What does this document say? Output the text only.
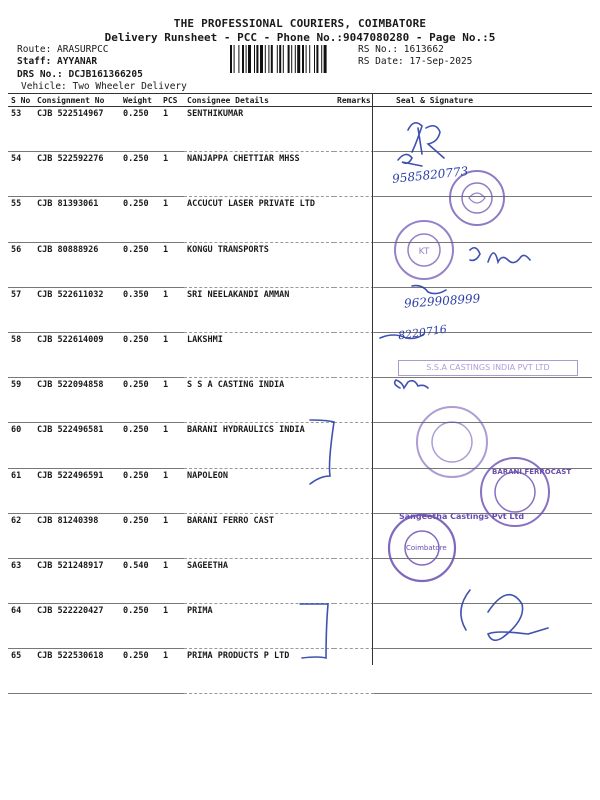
THE PROFESSIONAL COURIERS, COIMBATORE
Delivery Runsheet - PCC - Phone No.:9047080280 - Page No.:5
Route: ARASURPCC
Staff: AYYANAR
DRS No.: DCJB161366205
Vehicle: Two Wheeler Delivery
RS No.: 1613662
RS Date: 17-Sep-2025
S No	Consignment No	Weight	PCS	Consignee Details	Remarks	Seal & Signature
53	CJB 522514967	0.250	1	SENTHIKUMAR		
54	CJB 522592276	0.250	1	NANJAPPA CHETTIAR MHSS		
55	CJB 81393061	0.250	1	ACCUCUT LASER PRIVATE LTD		
56	CJB 80888926	0.250	1	KONGU TRANSPORTS		
57	CJB 522611032	0.350	1	SRI NEELAKANDI AMMAN		
58	CJB 522614009	0.250	1	LAKSHMI		
59	CJB 522094858	0.250	1	S S A CASTING INDIA		
60	CJB 522496581	0.250	1	BARANI HYDRAULICS INDIA		
61	CJB 522496591	0.250	1	NAPOLEON		
62	CJB 81240398	0.250	1	BARANI FERRO CAST		
63	CJB 521248917	0.540	1	SAGEETHA		
64	CJB 522220427	0.250	1	PRIMA		
65	CJB 522530618	0.250	1	PRIMA PRODUCTS P LTD		
KT
S.S.A CASTINGS INDIA PVT LTD
BARANI FERROCAST
Sangeetha Castings Pvt Ltd
Coimbatore
9585820773
9629908999
8220716
